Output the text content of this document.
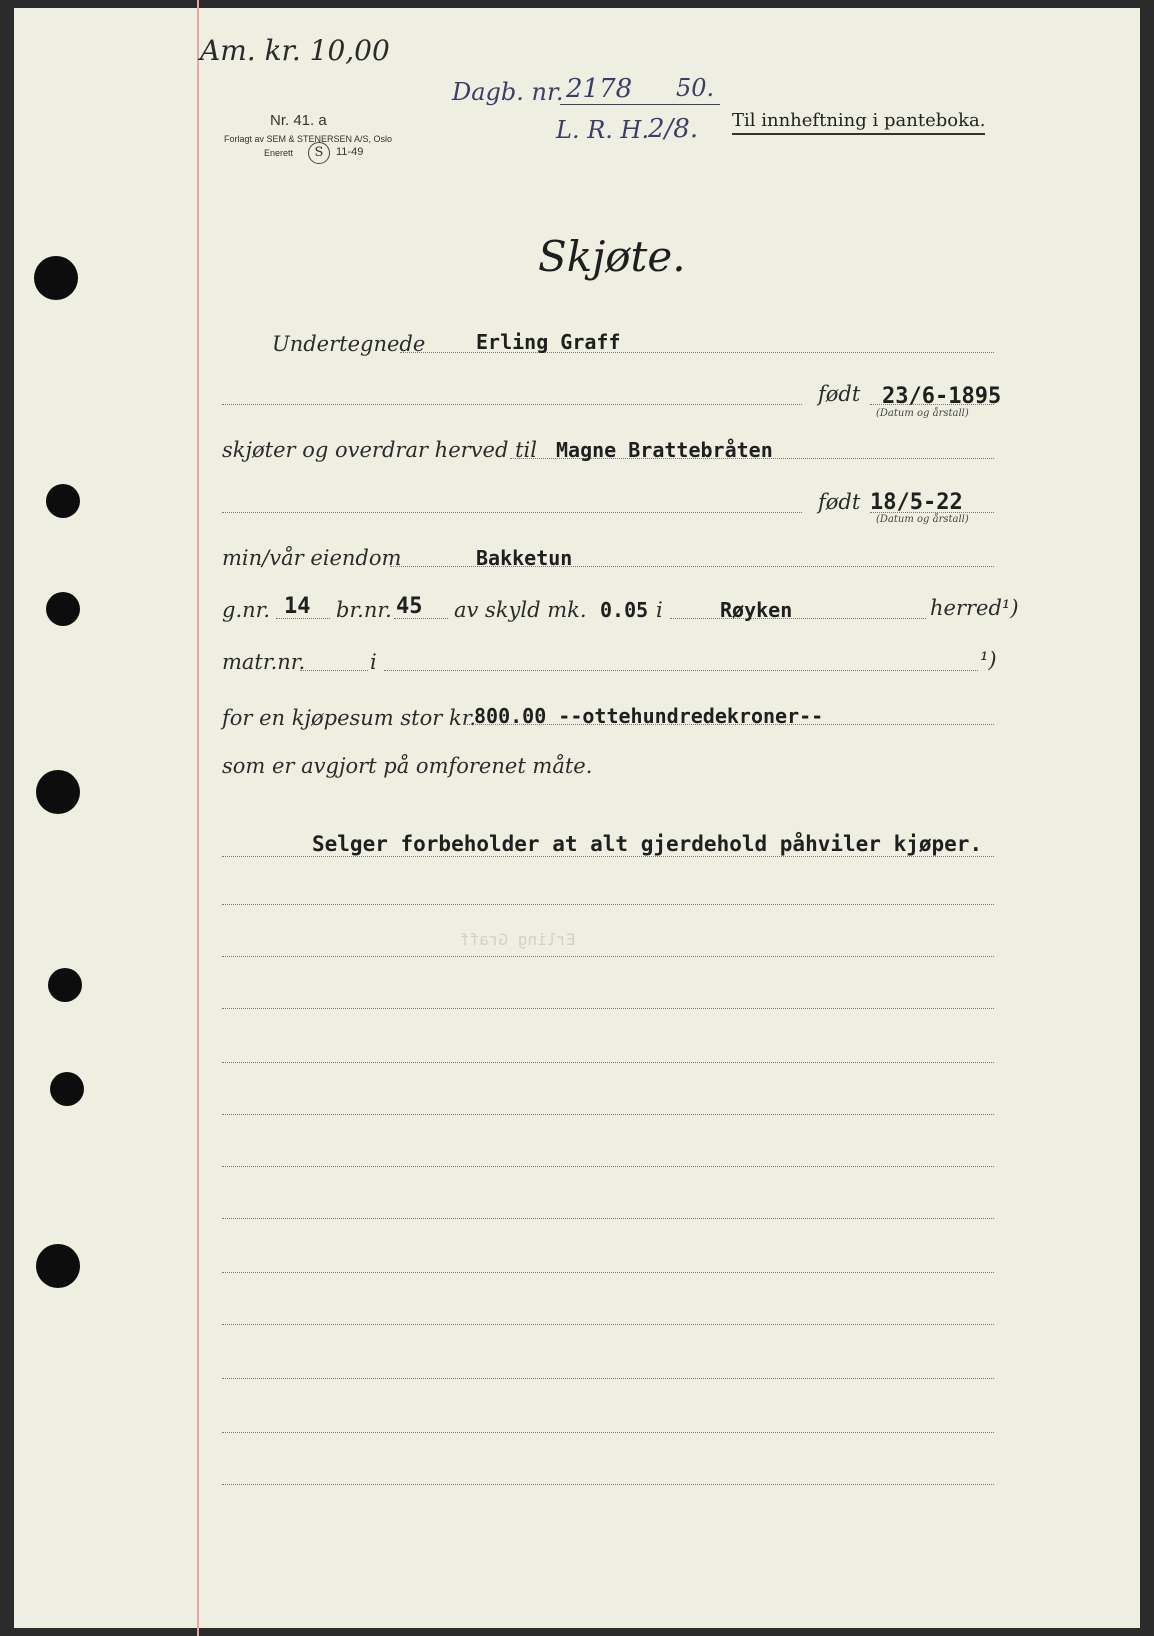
Am. kr. 10,00
Nr. 41. a
Forlagt av SEM & STENERSEN A/S, Oslo
Enerett	S	11-49
Dagb. nr. 2178 50.
L. R. H.
2/8. Til innheftning i panteboka.
Skjøte.
Undertegnede	Erling Graff
født 23/6-1895
(Datum og årstall)
skjøter og overdrar herved til Magne Brattebråten
født 18/5-22
(Datum og årstall)
min/vår eiendom	Bakketun
g.nr. 14 br.nr. 45 av skyld mk. 0.05 i	Røyken	herred¹)
matr.nr.	i	¹)
for en kjøpesum stor kr.
800.00 --ottehundredekroner--
som er avgjort på omforenet måte.
Selger forbeholder at alt gjerdehold påhviler kjøper.
Erling Graff
